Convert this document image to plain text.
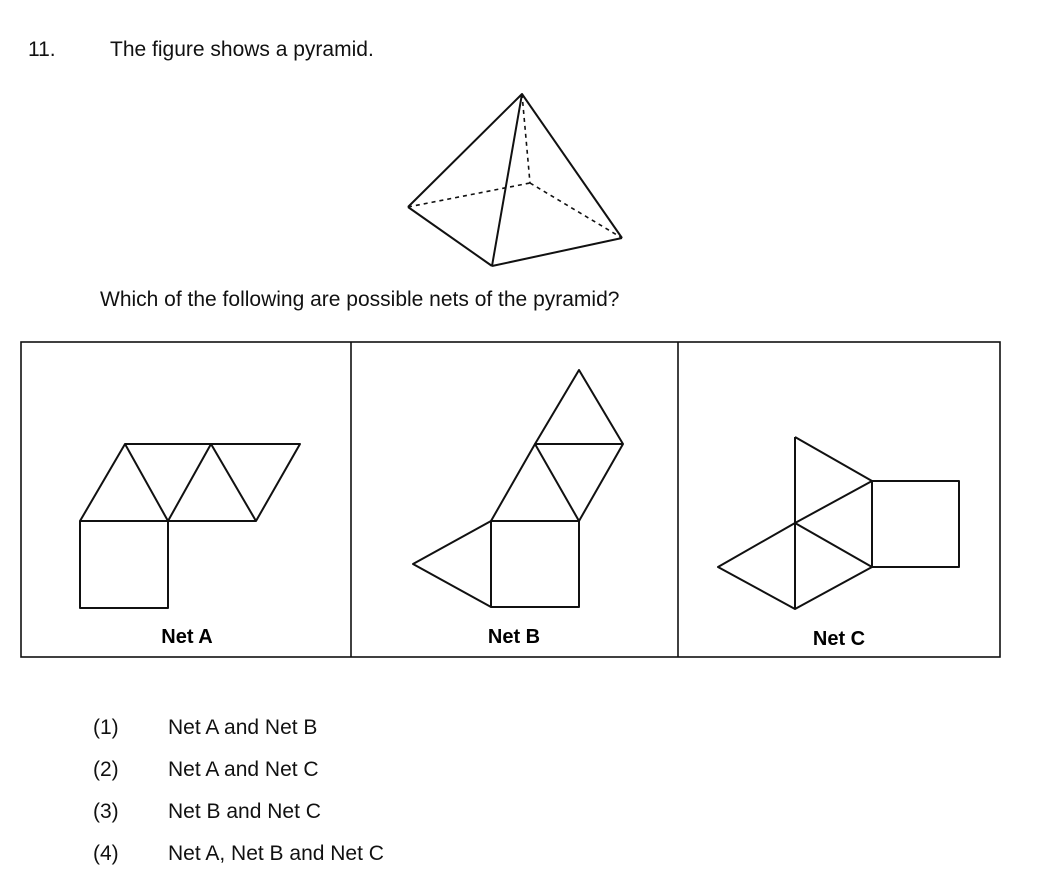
11.	The figure shows a pyramid.
Which of the following are possible nets of the pyramid?
Net A	Net B	Net C
(1) Net A and Net B
(2) Net A and Net C
(3) Net B and Net C
(4) Net A, Net B and Net C
